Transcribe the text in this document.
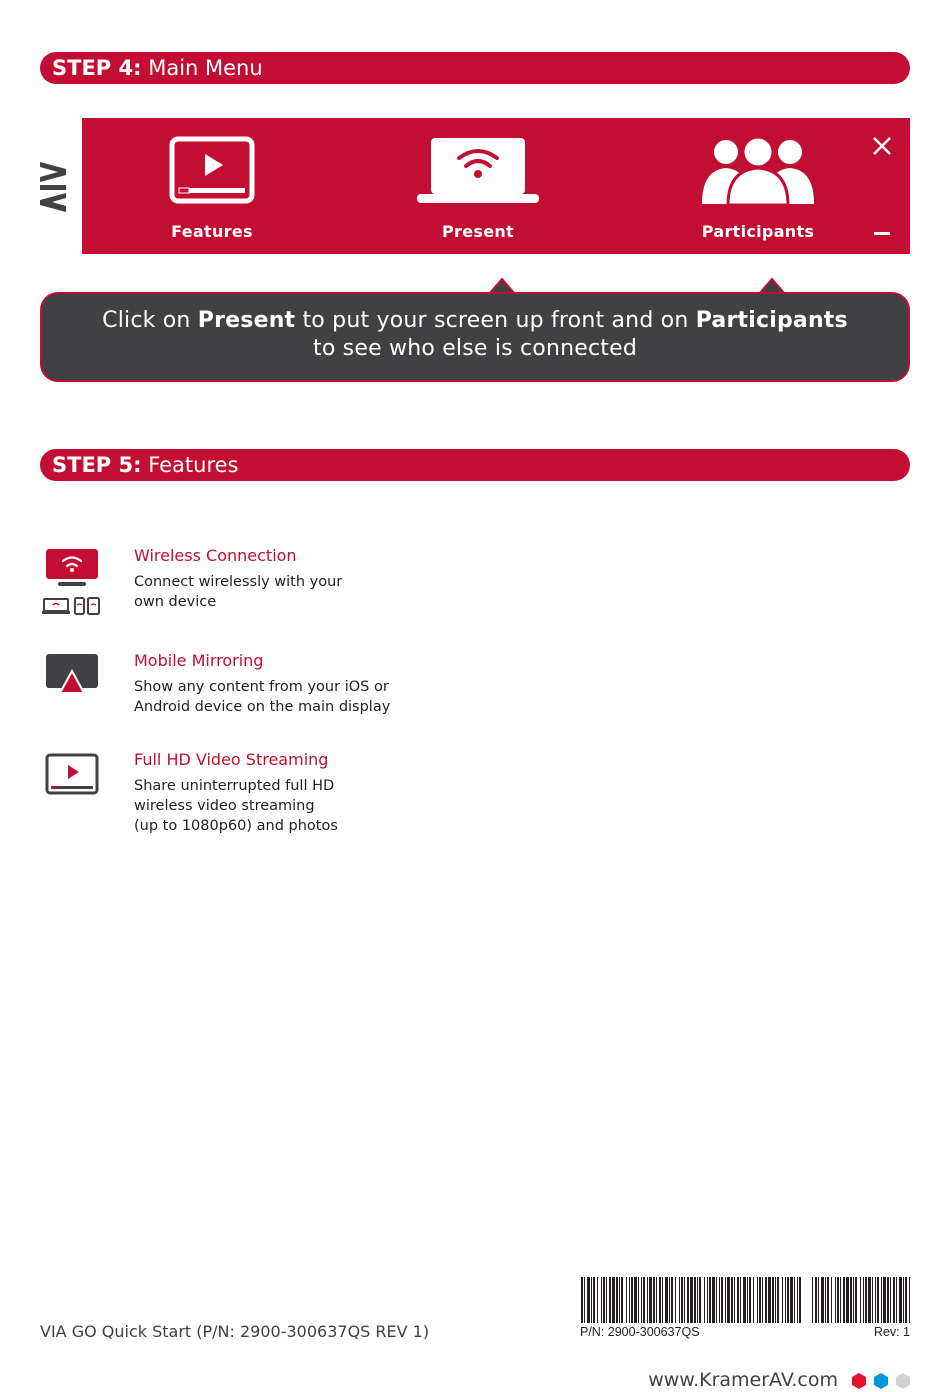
STEP 4: Main Menu
Features	Present	Participants
Click on Present to put your screen up front and on Participants
to see who else is connected
STEP 5: Features
Wireless Connection
Connect wirelessly with your
own device
Mobile Mirroring
Show any content from your iOS or
Android device on the main display
Full HD Video Streaming
Share uninterrupted full HD
wireless video streaming
(up to 1080p60) and photos
VIA GO Quick Start (P/N: 2900-300637QS REV 1)	P/N: 2900-300637QS	Rev: 1
www.KramerAV.com
